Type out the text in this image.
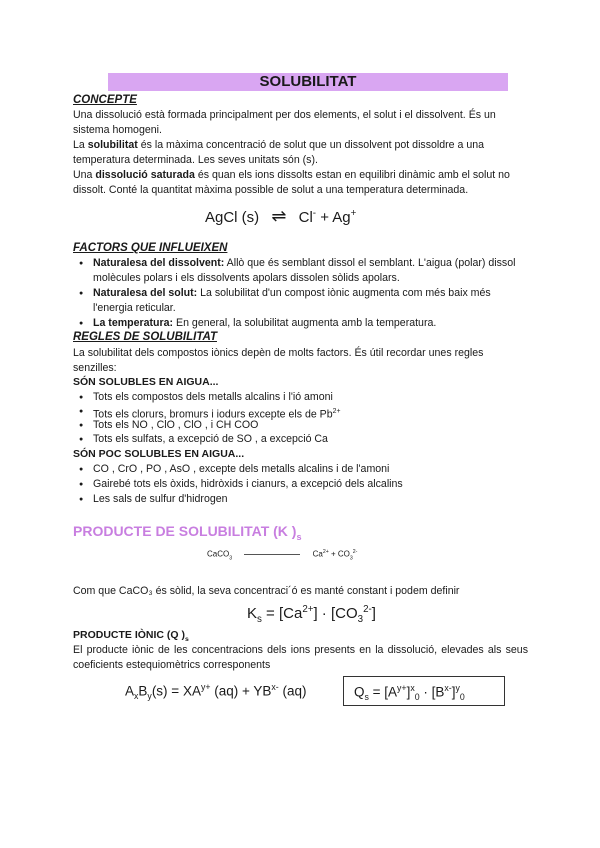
SOLUBILITAT
CONCEPTE
Una dissolució està formada principalment per dos elements, el solut i el dissolvent. És un sistema homogeni.
La solubilitat és la màxima concentració de solut que un dissolvent pot dissoldre a una temperatura determinada. Les seves unitats són (s).
Una dissolució saturada és quan els ions dissolts estan en equilibri dinàmic amb el solut no dissolt. Conté la quantitat màxima possible de solut a una temperatura determinada.
AgCl (s) ⇌ Cl- + Ag+
FACTORS QUE INFLUEIXEN
● Naturalesa del dissolvent: Allò que és semblant dissol el semblant. L'aigua (polar) dissol molècules polars i els dissolvents apolars dissolen sòlids apolars.
● Naturalesa del solut: La solubilitat d'un compost iònic augmenta com més baix més l'energia reticular.
● La temperatura: En general, la solubilitat augmenta amb la temperatura.
REGLES DE SOLUBILITAT
La solubilitat dels compostos iònics depèn de molts factors. És útil recordar unes regles senzilles:
SÓN SOLUBLES EN AIGUA...
● Tots els compostos dels metalls alcalins i l'ió amoni
● Tots els clorurs, bromurs i iodurs excepte els de $Pb^{2+}$
● Tots els NO , ClO , ClO , i CH COO
● Tots els sulfats, a excepció de SO , a excepció Ca
SÓN POC SOLUBLES EN AIGUA...
● CO , CrO , PO , AsO , excepte dels metalls alcalins i de l'amoni
● Gairebé tots els òxids, hidròxids i cianurs, a excepció dels alcalins
● Les sals de sulfur d'hidrogen
PRODUCTE DE SOLUBILITAT (K )$_s$
CaCO$_3$	$Ca^{2+} + CO_3^{2-}$
Com que CaCO₃ és sòlid, la seva concentraci´ó es manté constant i podem definir
$K_s = [Ca^{2+}] \cdot [CO_3^{2-}]$
PRODUCTE IÒNIC (Q )$_s$
El producte iònic de les concentracions dels ions presents en la dissolució, elevades als seus coeficients estequiomètrics corresponents
$A_xB_y(s) = XA^{y+}$ $(aq) + YB^{x-}$ (aq)	$Q_s = [A^{y+}]^x_0 \cdot [B^{x-}]^y_0$
